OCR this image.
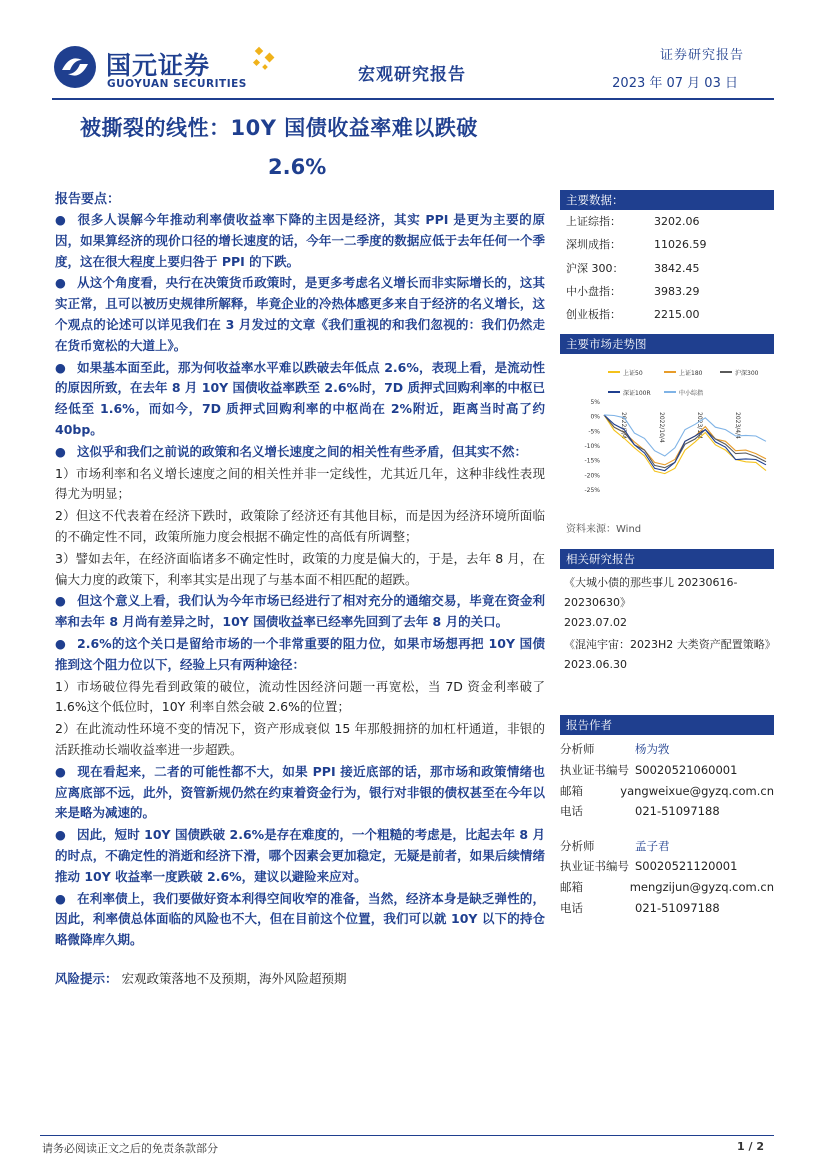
国元证券
GUOYUAN SECURITIES	宏观研究报告
证券研究报告
2023 年 07 月 03 日
被撕裂的线性：10Y 国债收益率难以跌破
2.6%
报告要点：
● 很多人误解今年推动利率债收益率下降的主因是经济，其实 PPI 是更为主要的原因，如果算经济的现价口径的增长速度的话，今年一二季度的数据应低于去年任何一个季度，这在很大程度上要归咎于 PPI 的下跌。
● 从这个角度看，央行在决策货币政策时，是更多考虑名义增长而非实际增长的，这其实正常，且可以被历史规律所解释，毕竟企业的冷热体感更多来自于经济的名义增长，这个观点的论述可以详见我们在 3 月发过的文章《我们重视的和我们忽视的：我们仍然走在货币宽松的大道上》。
● 如果基本面至此，那为何收益率水平难以跌破去年低点 2.6%，表现上看，是流动性的原因所致，在去年 8 月 10Y 国债收益率跌至 2.6%时，7D 质押式回购利率的中枢已经低至 1.6%，而如今，7D 质押式回购利率的中枢尚在 2%附近，距离当时高了约 40bp。
● 这似乎和我们之前说的政策和名义增长速度之间的相关性有些矛盾，但其实不然：
1）市场利率和名义增长速度之间的相关性并非一定线性，尤其近几年，这种非线性表现得尤为明显；
2）但这不代表着在经济下跌时，政策除了经济还有其他目标，而是因为经济环境所面临的不确定性不同，政策所施力度会根据不确定性的高低有所调整；
3）譬如去年，在经济面临诸多不确定性时，政策的力度是偏大的，于是，去年 8 月，在偏大力度的政策下，利率其实是出现了与基本面不相匹配的超跌。
● 但这个意义上看，我们认为今年市场已经进行了相对充分的通缩交易，毕竟在资金利率和去年 8 月尚有差异之时，10Y 国债收益率已经率先回到了去年 8 月的关口。
● 2.6%的这个关口是留给市场的一个非常重要的阻力位，如果市场想再把 10Y 国债推到这个阻力位以下，经验上只有两种途径：
1）市场破位得先看到政策的破位，流动性因经济问题一再宽松，当 7D 资金利率破了 1.6%这个低位时，10Y 利率自然会破 2.6%的位置；
2）在此流动性环境不变的情况下，资产形成衰似 15 年那般拥挤的加杠杆通道，非银的活跃推动长端收益率进一步超跌。
● 现在看起来，二者的可能性都不大，如果 PPI 接近底部的话，那市场和政策情绪也应离底部不远，此外，资管新规仍然在约束着资金行为，银行对非银的债权甚至在今年以来是略为减速的。
● 因此，短时 10Y 国债跌破 2.6%是存在难度的，一个粗糙的考虑是，比起去年 8 月的时点，不确定性的消逝和经济下滑，哪个因素会更加稳定，无疑是前者，如果后续情绪推动 10Y 收益率一度跌破 2.6%，建议以避险来应对。
● 在利率债上，我们要做好资本利得空间收窄的准备，当然，经济本身是缺乏弹性的，因此，利率债总体面临的风险也不大，但在目前这个位置，我们可以就 10Y 以下的持仓略微降库久期。
风险提示： 宏观政策落地不及预期，海外风险超预期
主要数据：
上证综指：	3202.06
深圳成指：	11026.59
沪深 300：	3842.45
中小盘指：	3983.29
创业板指：	2215.00
主要市场走势图
上证50	上证180	沪深300
深证100R	中小综指
5%
0%
-5%
-10%
-15%
-20%
-25%
2022/7/4	2022/10/4	2023/1/4	2023/4/4
资料来源：Wind
相关研究报告
《大城小债的那些事儿 20230616-20230630》
2023.07.02
《混沌宇宙：2023H2 大类资产配置策略》
2023.06.30
报告作者
分析师	杨为敩
执业证书编号 S0020521060001
邮箱	yangweixue@gyzq.com.cn
电话	021-51097188
分析师	孟子君
执业证书编号 S0020521120001
邮箱	mengzijun@gyzq.com.cn
电话	021-51097188
请务必阅读正文之后的免责条款部分	1 / 2
